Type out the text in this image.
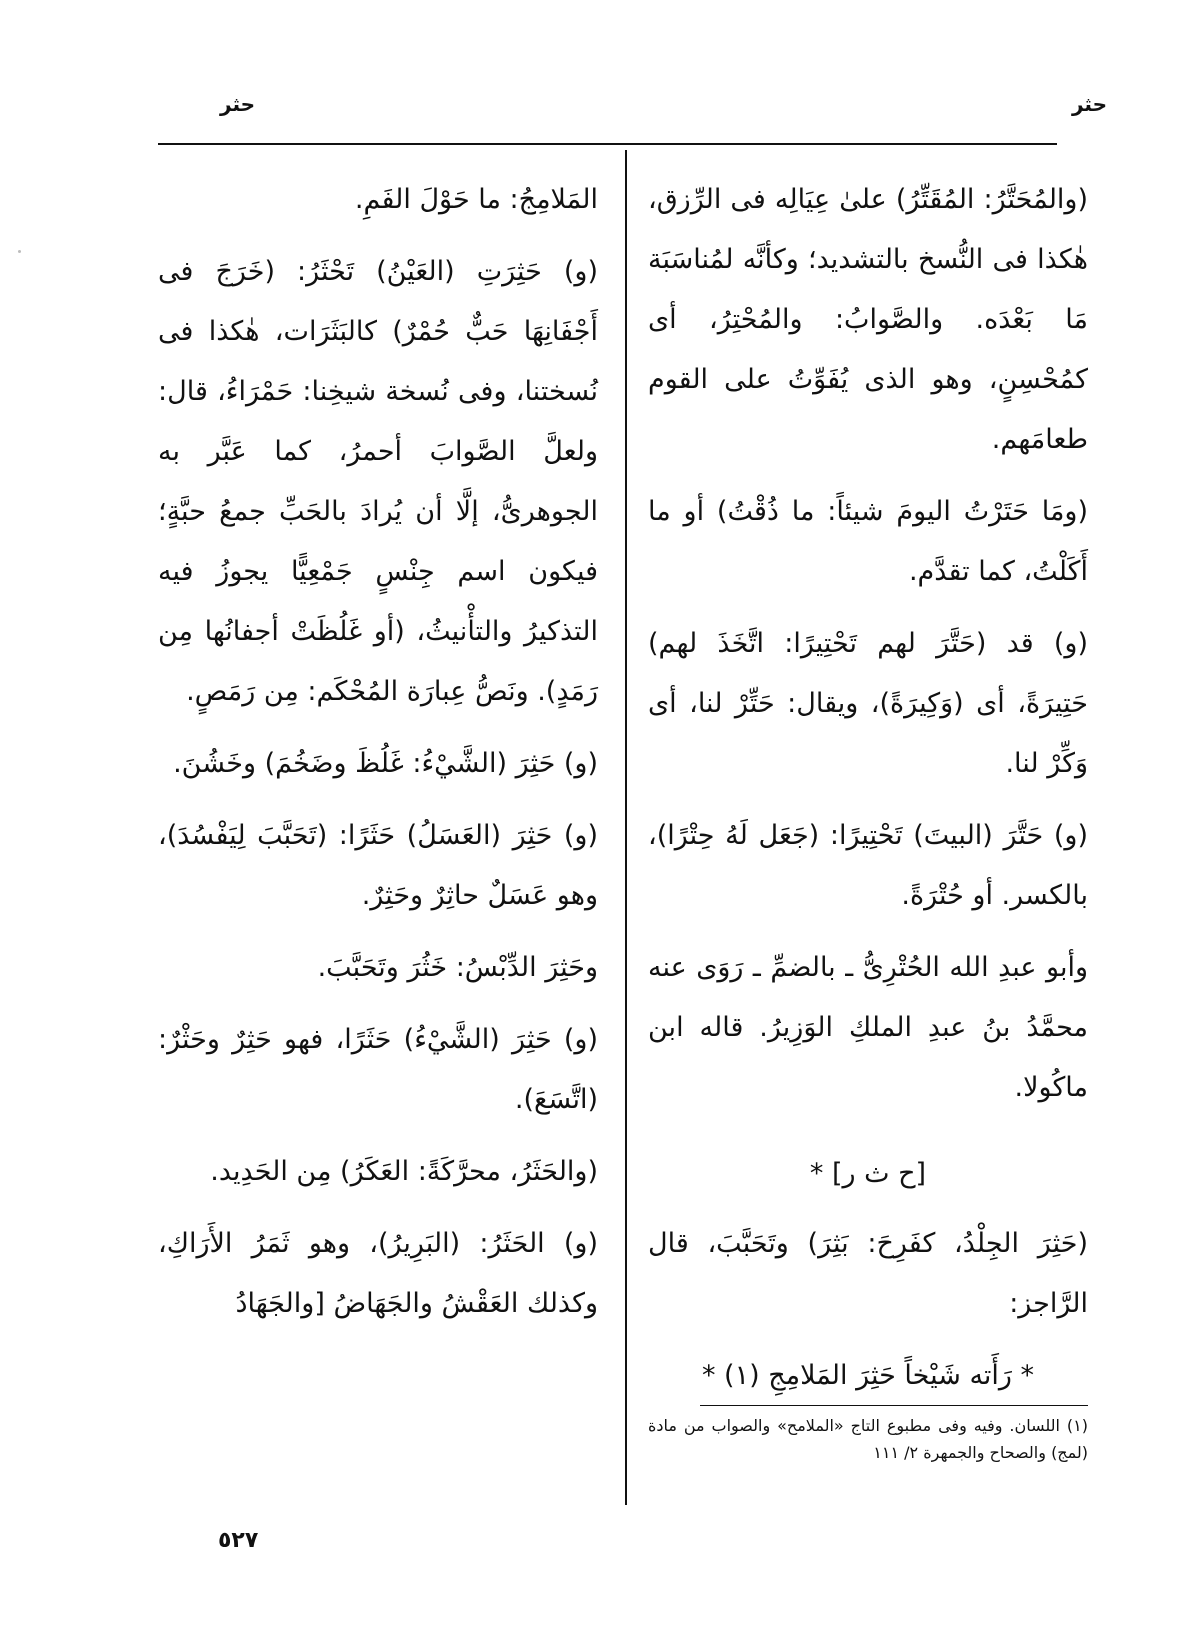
حثر
حثر

(والمُحَتَّرُ: المُقَتِّرُ) علىٰ عِيَالِه فى الرِّزق، هٰكذا فى النُّسخ بالتشديد؛ وكأنَّه لمُناسَبَة مَا بَعْدَه. والصَّوابُ: والمُحْتِرُ، أى كمُحْسِنٍ، وهو الذى يُفَوِّتُ على القوم طعامَهم.

(ومَا حَتَرْتُ اليومَ شيئاً: ما ذُقْتُ) أو ما أَكَلْتُ، كما تقدَّم.

(و) قد (حَتَّرَ لهم تَحْتِيرًا: اتَّخَذَ لهم) حَتِيرَةً، أى (وَكِيرَةً)، ويقال: حَتِّرْ لنا، أى وَكِّرْ لنا.

(و) حَتَّرَ (البيتَ) تَحْتِيرًا: (جَعَل لَهُ حِتْرًا)، بالكسر. أو حُتْرَةً.

وأبو عبدِ الله الحُتْرِىُّ ـ بالضمِّ ـ رَوَى عنه محمَّدُ بنُ عبدِ الملكِ الوَزِيرُ. قاله ابن ماكُولا.

[ح ث ر] *

(حَثِرَ الجِلْدُ، كفَرِحَ: بَثِرَ) وتَحَبَّبَ، قال الرَّاجز:

* رَأَته شَيْخاً حَثِرَ المَلامِجِ (١) *

المَلامِجُ: ما حَوْلَ الفَمِ.

(و) حَثِرَتِ (العَيْنُ) تَحْثَرُ: (خَرَجَ فى أَجْفَانِهَا حَبٌّ حُمْرٌ) كالبَثَرَات، هٰكذا فى نُسختنا، وفى نُسخة شيخِنا: حَمْرَاءُ، قال: ولعلَّ الصَّوابَ أحمرُ، كما عَبَّر به الجوهرىُّ، إلَّا أن يُرادَ بالحَبِّ جمعُ حبَّةٍ؛ فيكون اسم جِنْسٍ جَمْعِيًّا يجوزُ فيه التذكيرُ والتأْنيثُ، (أو غَلُظَتْ أجفانُها مِن رَمَدٍ). ونَصُّ عِبارَة المُحْكَم: مِن رَمَصٍ.

(و) حَثِرَ (الشَّيْءُ: غَلُظَ وضَخُمَ) وخَشُنَ.

(و) حَثِرَ (العَسَلُ) حَثَرًا: (تَحَبَّبَ لِيَفْسُدَ)، وهو عَسَلٌ حاثِرٌ وحَثِرٌ.

وحَثِرَ الدِّبْسُ: خَثُرَ وتَحَبَّبَ.

(و) حَثِرَ (الشَّيْءُ) حَثَرًا، فهو حَثِرٌ وحَثْرٌ: (اتَّسَعَ).

(والحَثَرُ، محرَّكَةً: العَكَرُ) مِن الحَدِيد.

(و) الحَثَرُ: (البَرِيرُ)، وهو ثَمَرُ الأَرَاكِ، وكذلك العَقْشُ والجَهَاضُ [والجَهَادُ

(١) اللسان. وفيه وفى مطبوع التاج «الملامح» والصواب من مادة (لمج) والصحاح والجمهرة ٢/ ١١١
٥٢٧
